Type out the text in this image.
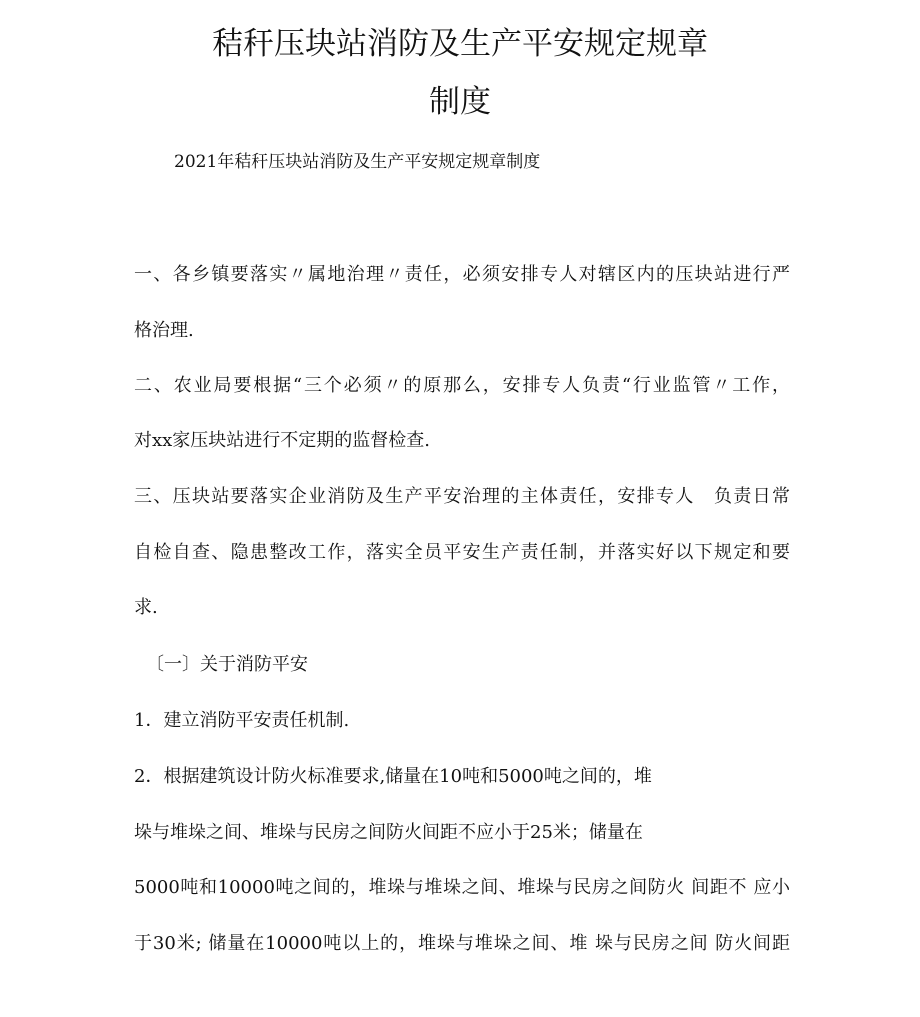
秸秆压块站消防及生产平安规定规章
制度
2021年秸秆压块站消防及生产平安规定规章制度
一、各乡镇要落实〃属地治理〃责任，必须安排专人对辖区内的压块站进行严
格治理.
二、农业局要根据“三个必须〃的原那么，安排专人负责“行业监管〃工作，
对xx家压块站进行不定期的监督检查.
三、压块站要落实企业消防及生产平安治理的主体责任，安排专人　负责日常
自检自查、隐患整改工作，落实全员平安生产责任制，并落实好以下规定和要
求.
〔一〕关于消防平安
1．建立消防平安责任机制.
2．根据建筑设计防火标准要求,储量在10吨和5000吨之间的，堆
垛与堆垛之间、堆垛与民房之间防火间距不应小于25米；储量在
5000吨和10000吨之间的，堆垛与堆垛之间、堆垛与民房之间防火 间距不 应小
于30米; 储量在10000吨以上的，堆垛与堆垛之间、堆 垛与民房之间 防火间距
